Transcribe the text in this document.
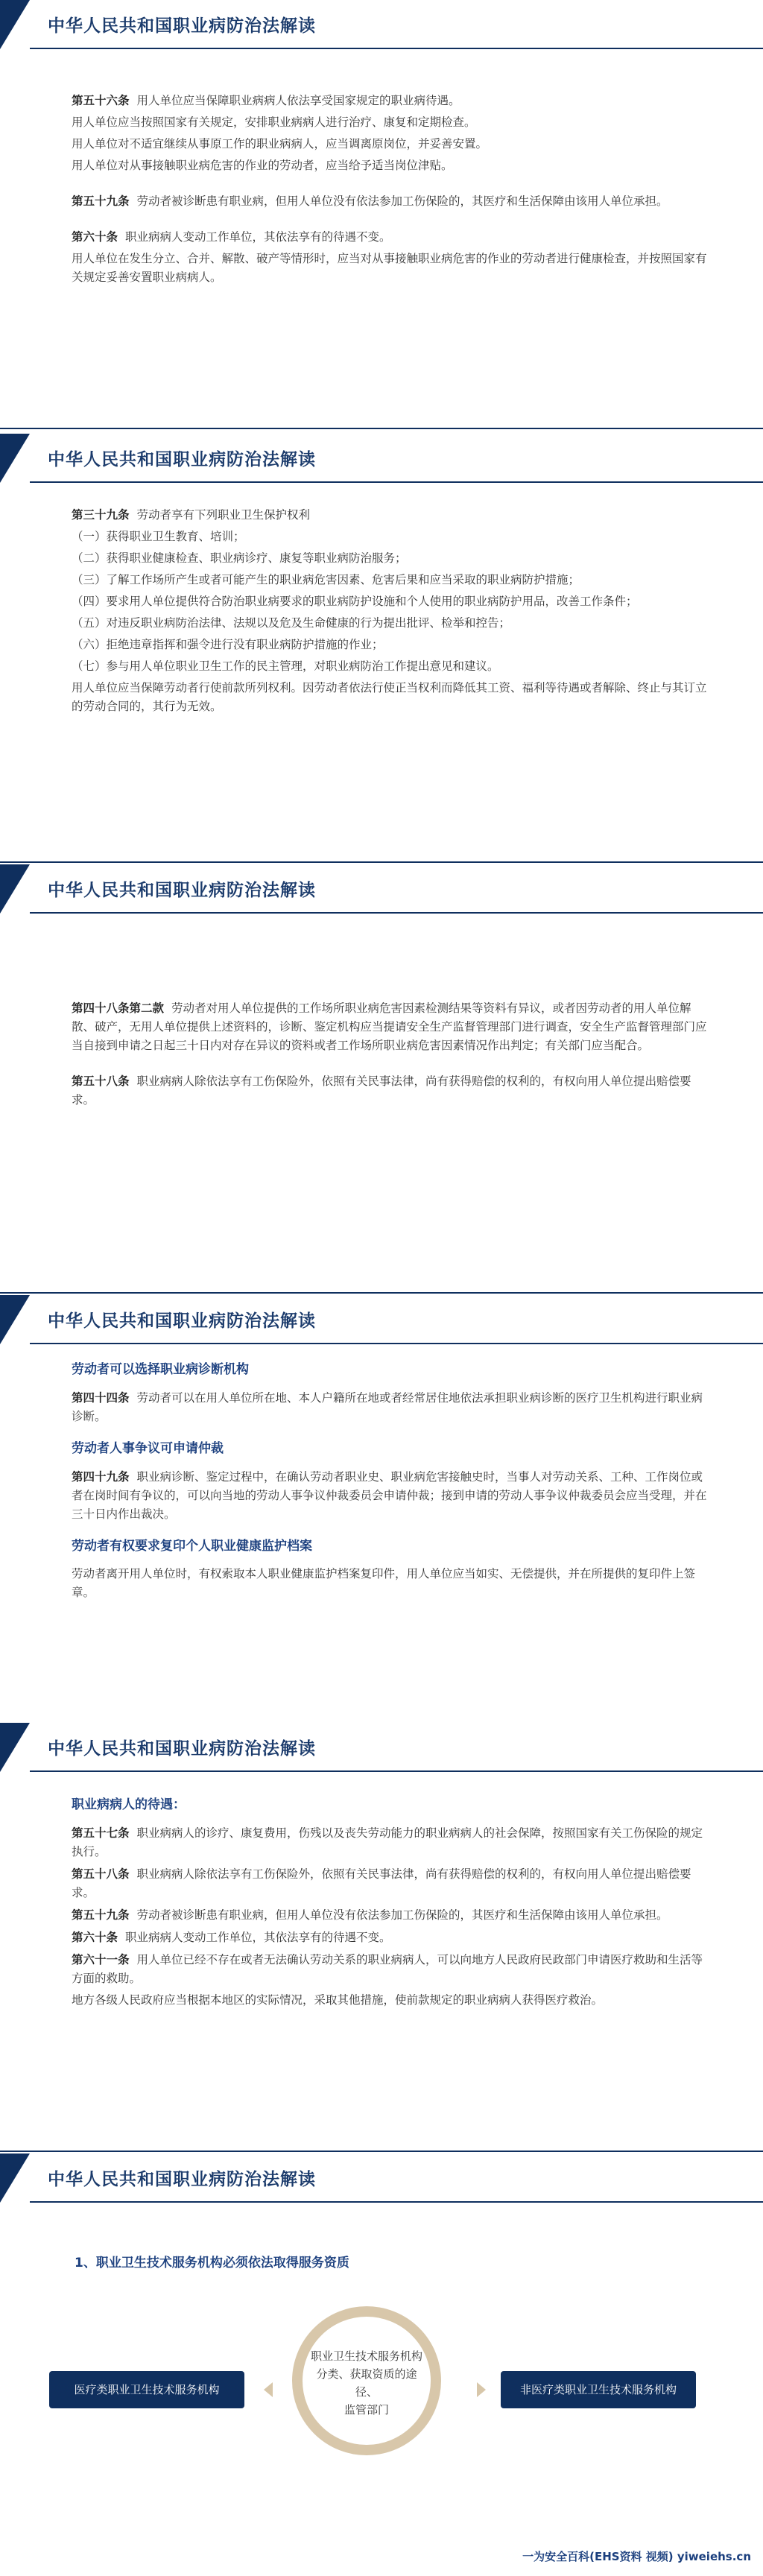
中华人民共和国职业病防治法解读

第五十六条 用人单位应当保障职业病病人依法享受国家规定的职业病待遇。

用人单位应当按照国家有关规定，安排职业病病人进行治疗、康复和定期检查。

用人单位对不适宜继续从事原工作的职业病病人，应当调离原岗位，并妥善安置。

用人单位对从事接触职业病危害的作业的劳动者，应当给予适当岗位津贴。

第五十九条 劳动者被诊断患有职业病，但用人单位没有依法参加工伤保险的，其医疗和生活保障由该用人单位承担。

第六十条 职业病病人变动工作单位，其依法享有的待遇不变。

用人单位在发生分立、合并、解散、破产等情形时，应当对从事接触职业病危害的作业的劳动者进行健康检查，并按照国家有关规定妥善安置职业病病人。

中华人民共和国职业病防治法解读

第三十九条 劳动者享有下列职业卫生保护权利

（一）获得职业卫生教育、培训；

（二）获得职业健康检查、职业病诊疗、康复等职业病防治服务；

（三）了解工作场所产生或者可能产生的职业病危害因素、危害后果和应当采取的职业病防护措施；

（四）要求用人单位提供符合防治职业病要求的职业病防护设施和个人使用的职业病防护用品，改善工作条件；

（五）对违反职业病防治法律、法规以及危及生命健康的行为提出批评、检举和控告；

（六）拒绝违章指挥和强令进行没有职业病防护措施的作业；

（七）参与用人单位职业卫生工作的民主管理，对职业病防治工作提出意见和建议。

用人单位应当保障劳动者行使前款所列权利。因劳动者依法行使正当权利而降低其工资、福利等待遇或者解除、终止与其订立的劳动合同的，其行为无效。

中华人民共和国职业病防治法解读

第四十八条第二款 劳动者对用人单位提供的工作场所职业病危害因素检测结果等资料有异议，或者因劳动者的用人单位解散、破产，无用人单位提供上述资料的，诊断、鉴定机构应当提请安全生产监督管理部门进行调查，安全生产监督管理部门应当自接到申请之日起三十日内对存在异议的资料或者工作场所职业病危害因素情况作出判定；有关部门应当配合。

第五十八条 职业病病人除依法享有工伤保险外，依照有关民事法律，尚有获得赔偿的权利的，有权向用人单位提出赔偿要求。

中华人民共和国职业病防治法解读
劳动者可以选择职业病诊断机构

第四十四条 劳动者可以在用人单位所在地、本人户籍所在地或者经常居住地依法承担职业病诊断的医疗卫生机构进行职业病诊断。

劳动者人事争议可申请仲裁

第四十九条 职业病诊断、鉴定过程中，在确认劳动者职业史、职业病危害接触史时，当事人对劳动关系、工种、工作岗位或者在岗时间有争议的，可以向当地的劳动人事争议仲裁委员会申请仲裁；接到申请的劳动人事争议仲裁委员会应当受理，并在三十日内作出裁决。

劳动者有权要求复印个人职业健康监护档案

劳动者离开用人单位时，有权索取本人职业健康监护档案复印件，用人单位应当如实、无偿提供，并在所提供的复印件上签章。

中华人民共和国职业病防治法解读
职业病病人的待遇：

第五十七条 职业病病人的诊疗、康复费用，伤残以及丧失劳动能力的职业病病人的社会保障，按照国家有关工伤保险的规定执行。

第五十八条 职业病病人除依法享有工伤保险外，依照有关民事法律，尚有获得赔偿的权利的，有权向用人单位提出赔偿要求。

第五十九条 劳动者被诊断患有职业病，但用人单位没有依法参加工伤保险的，其医疗和生活保障由该用人单位承担。

第六十条 职业病病人变动工作单位，其依法享有的待遇不变。

第六十一条 用人单位已经不存在或者无法确认劳动关系的职业病病人，可以向地方人民政府民政部门申请医疗救助和生活等方面的救助。

地方各级人民政府应当根据本地区的实际情况，采取其他措施，使前款规定的职业病病人获得医疗救治。

中华人民共和国职业病防治法解读
1、职业卫生技术服务机构必须依法取得服务资质
医疗类职业卫生技术服务机构
职业卫生技术服务机构
分类、获取资质的途径、
监管部门
非医疗类职业卫生技术服务机构
一为安全百科(EHS资料 视频) yiweiehs.cn
